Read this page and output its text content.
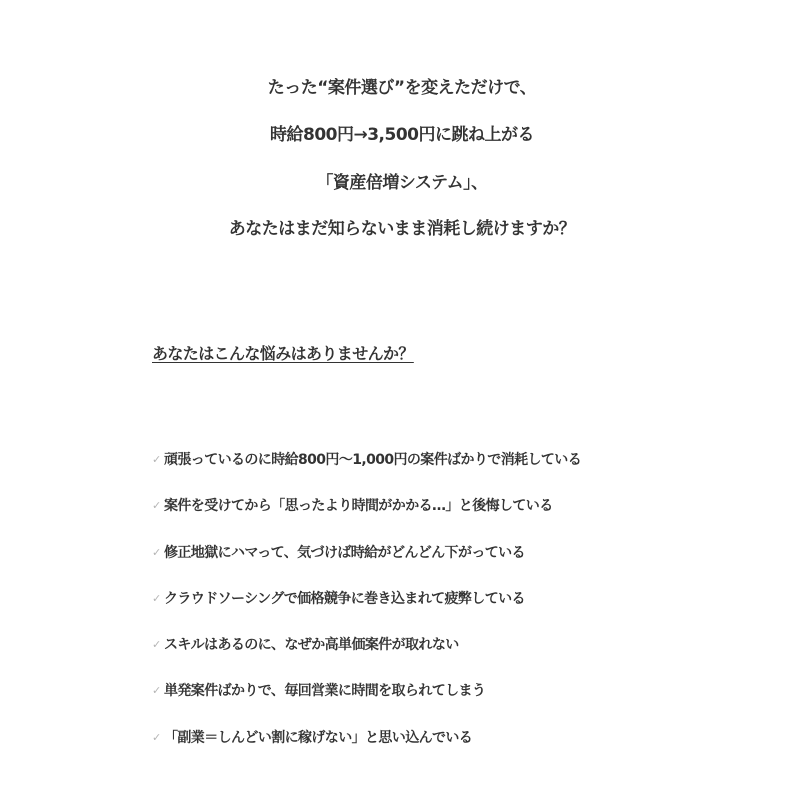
たった“案件選び”を変えただけで、
時給800円→3,500円に跳ね上がる
「資産倍増システム」、
あなたはまだ知らないまま消耗し続けますか？
あなたはこんな悩みはありませんか？
✓ 頑張っているのに時給800円〜1,000円の案件ばかりで消耗している
✓ 案件を受けてから「思ったより時間がかかる…」と後悔している
✓ 修正地獄にハマって、気づけば時給がどんどん下がっている
✓ クラウドソーシングで価格競争に巻き込まれて疲弊している
✓ スキルはあるのに、なぜか高単価案件が取れない
✓ 単発案件ばかりで、毎回営業に時間を取られてしまう
✓ 「副業＝しんどい割に稼げない」と思い込んでいる
